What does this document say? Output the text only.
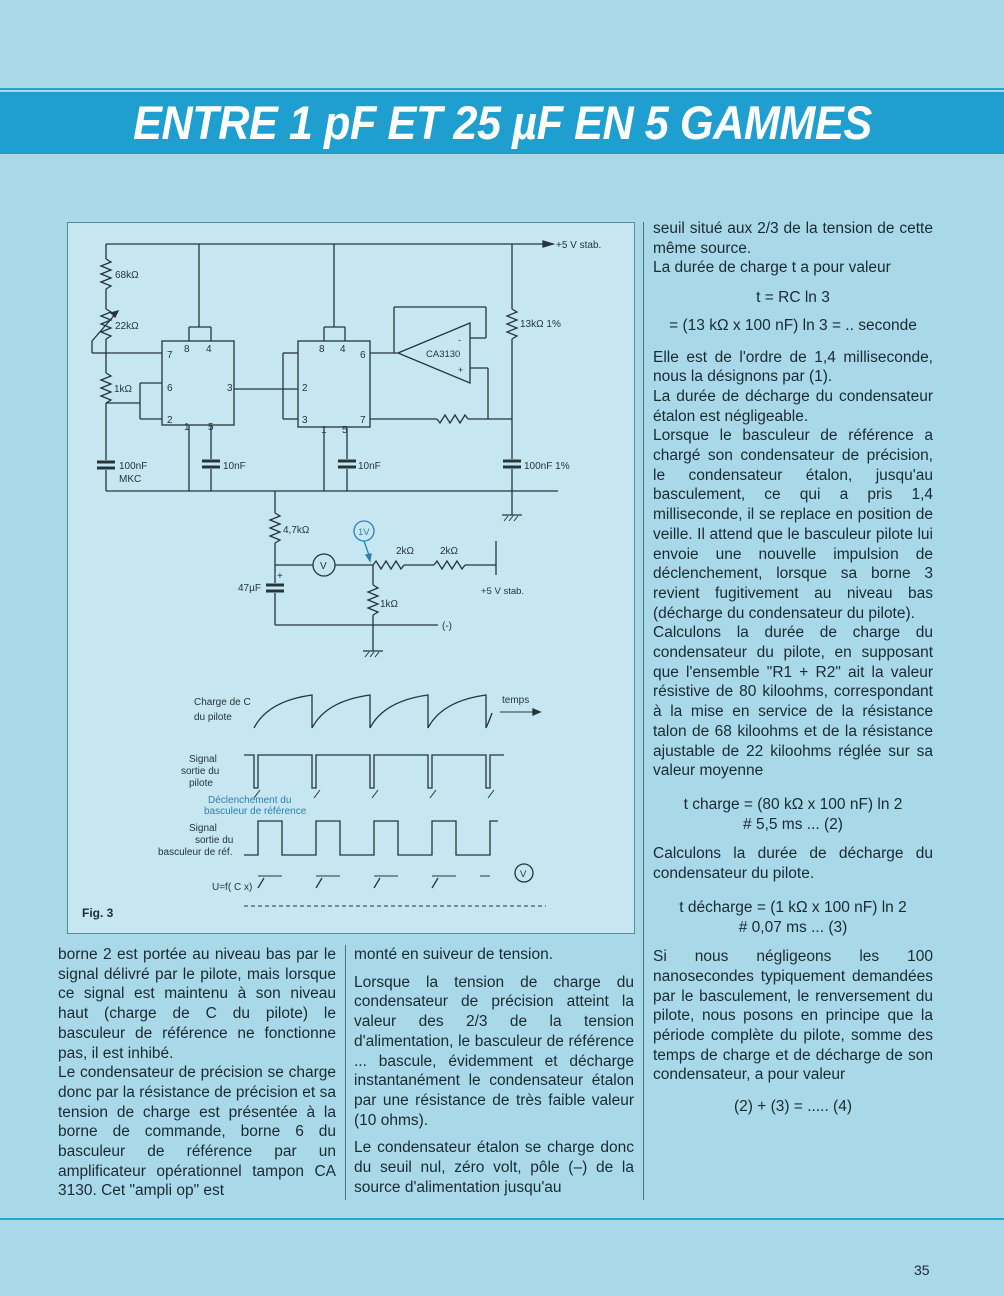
ENTRE 1 pF ET 25 µF EN 5 GAMMES
+5 V stab.
68kΩ
22kΩ
1kΩ
100nF
MKC
8 4
7
6	3
2
1 5
10nF
8 4
6
2
3	7
1 5
10nF
CA3130
-
+
13kΩ 1%
100nF 1%
4,7kΩ
+
47µF
(-)
V
1V
2kΩ	2kΩ
+5 V stab.
1kΩ
Charge de C
du pilote
temps
Signal
sortie du
pilote
Déclenchement du
basculeur de référence
Signal
sortie du
basculeur de réf.
U=f( C x)
V
Fig. 3

borne 2 est portée au niveau bas par le signal délivré par le pilote, mais lorsque ce signal est maintenu à son niveau haut (charge de C du pilote) le basculeur de référence ne fonctionne pas, il est inhibé.

Le condensateur de précision se charge donc par la résistance de précision et sa tension de charge est présentée à la borne de commande, borne 6 du basculeur de référence par un amplificateur opérationnel tampon CA 3130. Cet "ampli op" est

monté en suiveur de tension.

Lorsque la tension de charge du condensateur de précision atteint la valeur des 2/3 de la tension d'alimentation, le basculeur de référence ... bascule, évidemment et décharge instantanément le condensateur étalon par une résistance de très faible valeur (10 ohms).

Le condensateur étalon se charge donc du seuil nul, zéro volt, pôle (–) de la source d'alimentation jusqu'au

seuil situé aux 2/3 de la tension de cette même source.

La durée de charge t a pour valeur

t = RC ln 3
= (13 kΩ x 100 nF) ln 3 = .. seconde

Elle est de l'ordre de 1,4 milliseconde, nous la désignons par (1).

La durée de décharge du condensateur étalon est négligeable.

Lorsque le basculeur de référence a chargé son condensateur de précision, le condensateur étalon, jusqu'au basculement, ce qui a pris 1,4 milliseconde, il se replace en position de veille. Il attend que le basculeur pilote lui envoie une nouvelle impulsion de déclenchement, lorsque sa borne 3 revient fugitivement au niveau bas (décharge du condensateur du pilote).

Calculons la durée de charge du condensateur du pilote, en supposant que l'ensemble "R1 + R2" ait la valeur résistive de 80 kiloohms, correspondant à la mise en service de la résistance talon de 68 kiloohms et de la résistance ajustable de 22 kiloohms réglée sur sa valeur moyenne

t charge = (80 kΩ x 100 nF) ln 2
# 5,5 ms ... (2)

Calculons la durée de décharge du condensateur du pilote.

t décharge = (1 kΩ x 100 nF) ln 2
# 0,07 ms ... (3)

Si nous négligeons les 100 nanosecondes typiquement demandées par le basculement, le renversement du pilote, nous posons en principe que la période complète du pilote, somme des temps de charge et de décharge de son condensateur, a pour valeur

(2) + (3) = ..... (4)
35
